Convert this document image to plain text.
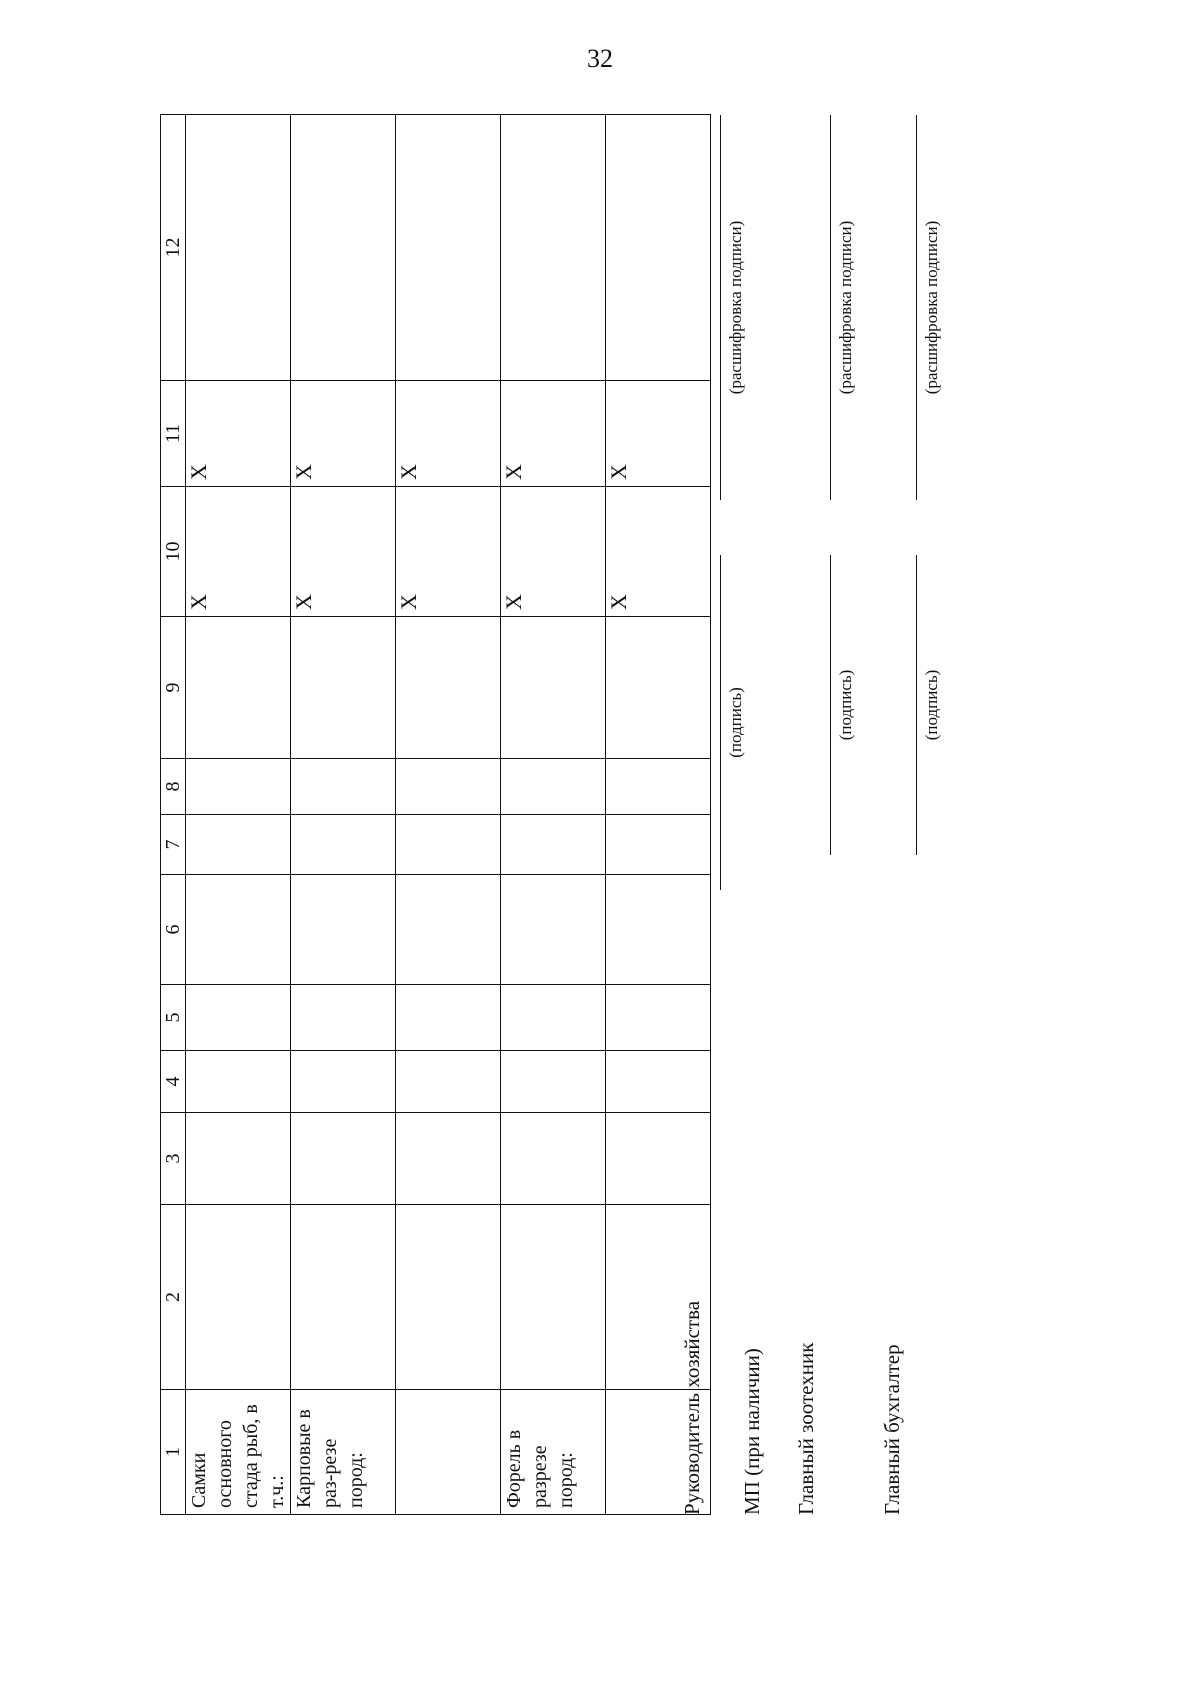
32
1	2	3	4	5	6	7	8	9	10	11	12
Самки основного стада рыб, в т.ч.:									Х	Х	
Карповые в раз-резе пород:									Х	Х	
									Х	Х	
Форель в разрезе пород:									Х	Х	
									Х	Х	
Руководитель хозяйства
(подпись)
(расшифровка подписи)
МП (при наличии) Главный зоотехник
(подпись)
(расшифровка подписи)
Главный бухгалтер
(подпись)
(расшифровка подписи)
